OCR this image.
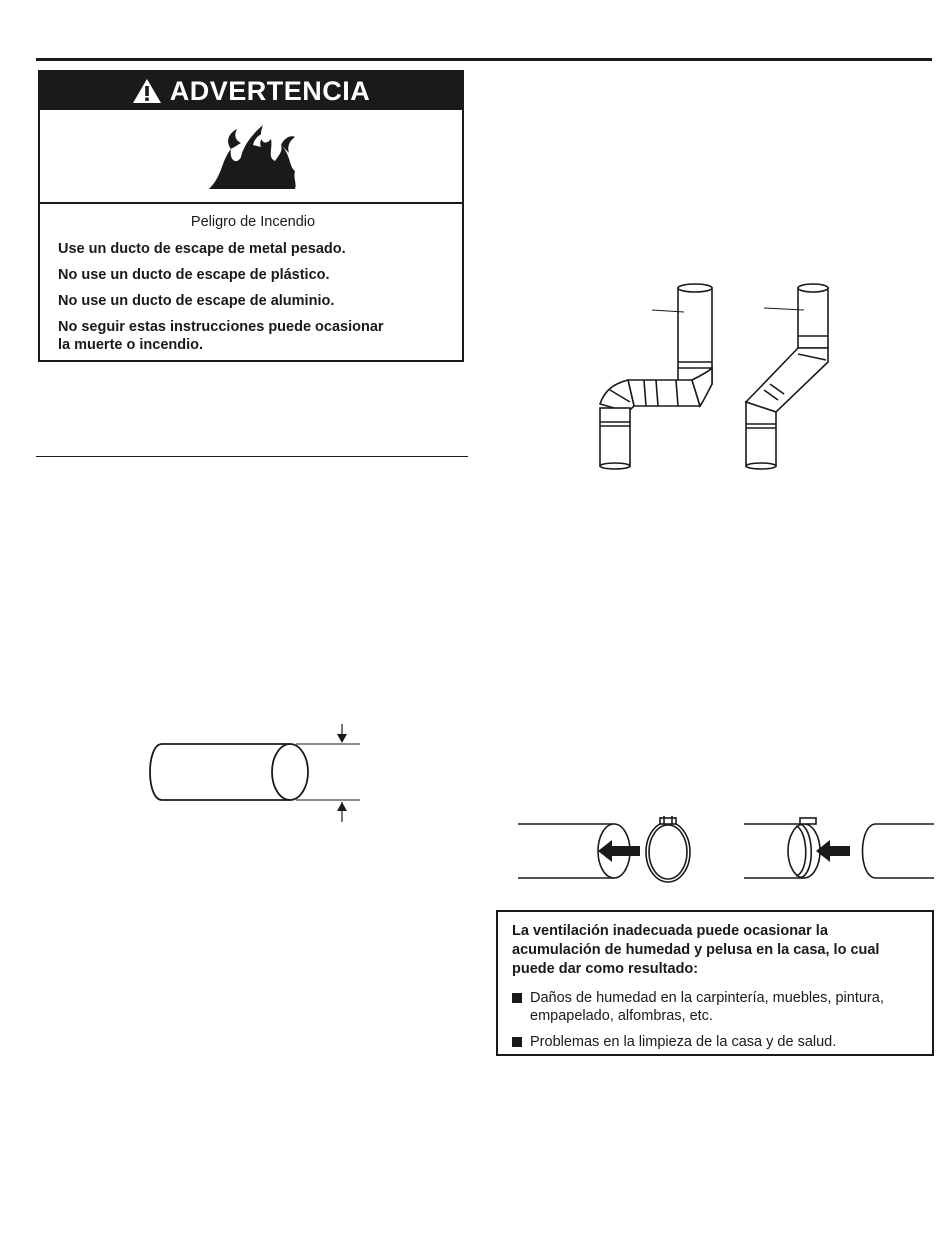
ADVERTENCIA
Peligro de Incendio

Use un ducto de escape de metal pesado.

No use un ducto de escape de plástico.

No use un ducto de escape de aluminio.

No seguir estas instrucciones puede ocasionar la muerte o incendio.

La ventilación inadecuada puede ocasionar la acumulación de humedad y pelusa en la casa, lo cual puede dar como resultado:

Daños de humedad en la carpintería, muebles, pintura, empapelado, alfombras, etc.
Problemas en la limpieza de la casa y de salud.
